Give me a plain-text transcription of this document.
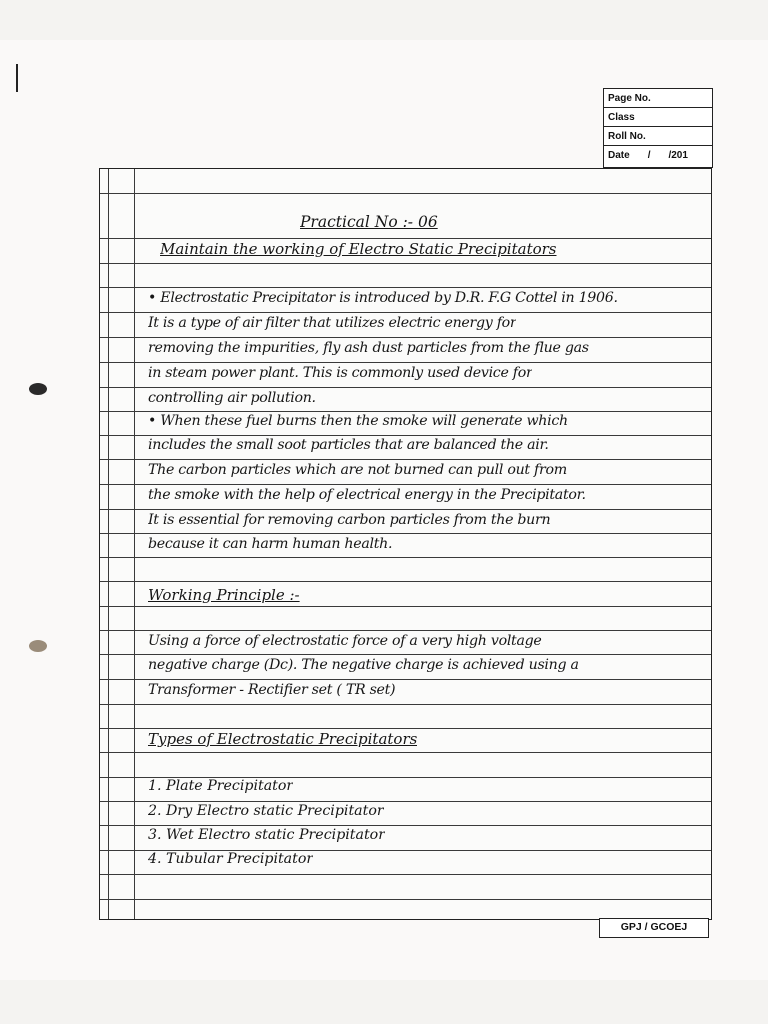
Page No.
Class
Roll No.
Date / /201
Practical No :- 06
Maintain the working of Electro Static Precipitators
• Electrostatic Precipitator is introduced by D.R. F.G Cottel in 1906.
It is a type of air filter that utilizes electric energy for
removing the impurities, fly ash dust particles from the flue gas
in steam power plant. This is commonly used device for
controlling air pollution.
• When these fuel burns then the smoke will generate which
includes the small soot particles that are balanced the air.
The carbon particles which are not burned can pull out from
the smoke with the help of electrical energy in the Precipitator.
It is essential for removing carbon particles from the burn
because it can harm human health.
Working Principle :-
Using a force of electrostatic force of a very high voltage
negative charge (Dc). The negative charge is achieved using a
Transformer - Rectifier set ( TR set)
Types of Electrostatic Precipitators
1. Plate Precipitator
2. Dry Electro static Precipitator
3. Wet Electro static Precipitator
4. Tubular Precipitator
GPJ / GCOEJ
